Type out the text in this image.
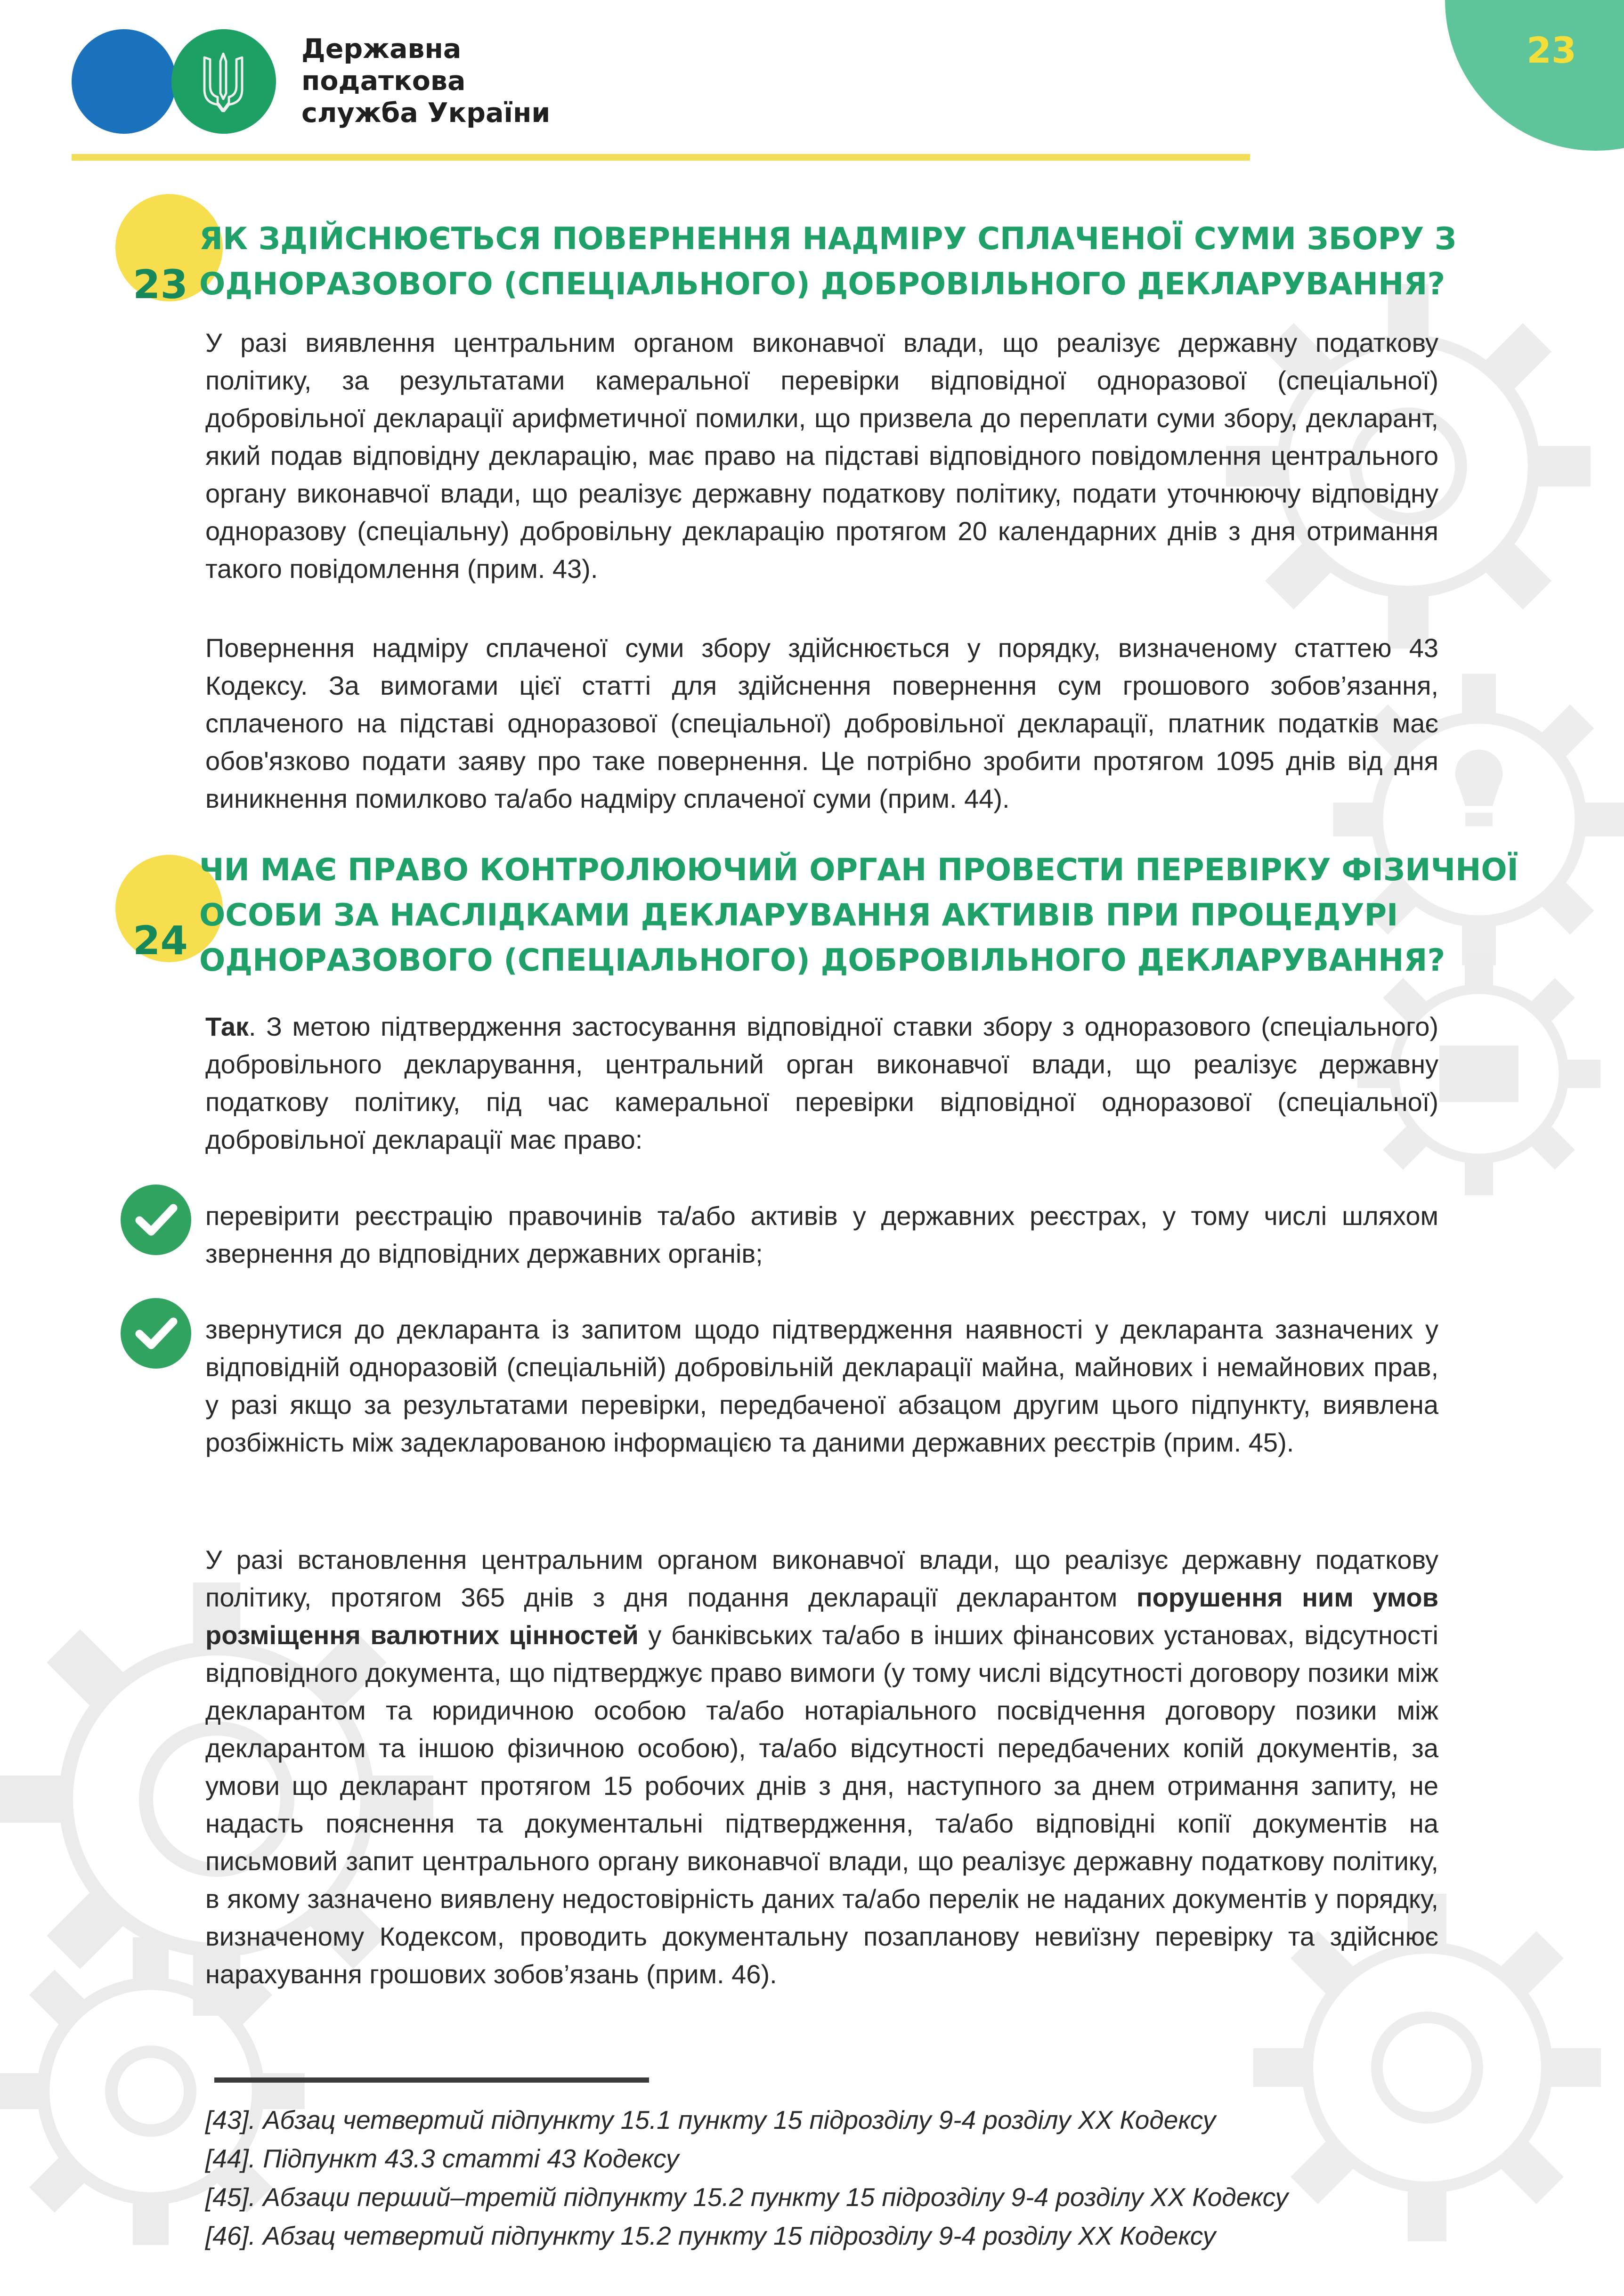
Державна
податкова
служба України
23
23
ЯК ЗДІЙСНЮЄТЬСЯ ПОВЕРНЕННЯ НАДМІРУ СПЛАЧЕНОЇ СУМИ ЗБОРУ З
ОДНОРАЗОВОГО (СПЕЦІАЛЬНОГО) ДОБРОВІЛЬНОГО ДЕКЛАРУВАННЯ?
У разі виявлення центральним органом виконавчої влади, що реалізує державну податкову політику, за результатами камеральної перевірки відповідної одноразової (спеціальної) добровільної декларації арифметичної помилки, що призвела до переплати суми збору, декларант, який подав відповідну декларацію, має право на підставі відповідного повідомлення центрального органу виконавчої влади, що реалізує державну податкову політику, подати уточнюючу відповідну одноразову (спеціальну) добровільну декларацію протягом 20 календарних днів з дня отримання такого повідомлення (прим. 43).
Повернення надміру сплаченої суми збору здійснюється у порядку, визначеному статтею 43 Кодексу. За вимогами цієї статті для здійснення повернення сум грошового зобов’язання, сплаченого на підставі одноразової (спеціальної) добровільної декларації, платник податків має обов'язково подати заяву про таке повернення. Це потрібно зробити протягом 1095 днів від дня виникнення помилково та/або надміру сплаченої суми (прим. 44).
24
ЧИ МАЄ ПРАВО КОНТРОЛЮЮЧИЙ ОРГАН ПРОВЕСТИ ПЕРЕВІРКУ ФІЗИЧНОЇ
ОСОБИ ЗА НАСЛІДКАМИ ДЕКЛАРУВАННЯ АКТИВІВ ПРИ ПРОЦЕДУРІ
ОДНОРАЗОВОГО (СПЕЦІАЛЬНОГО) ДОБРОВІЛЬНОГО ДЕКЛАРУВАННЯ?
Так. З метою підтвердження застосування відповідної ставки збору з одноразового (спеціального) добровільного декларування, центральний орган виконавчої влади, що реалізує державну податкову політику, під час камеральної перевірки відповідної одноразової (спеціальної) добровільної декларації має право:
перевірити реєстрацію правочинів та/або активів у державних реєстрах, у тому числі шляхом звернення до відповідних державних органів;
звернутися до декларанта із запитом щодо підтвердження наявності у декларанта зазначених у відповідній одноразовій (спеціальній) добровільній декларації майна, майнових і немайнових прав, у разі якщо за результатами перевірки, передбаченої абзацом другим цього підпункту, виявлена розбіжність між задекларованою інформацією та даними державних реєстрів (прим. 45).
У разі встановлення центральним органом виконавчої влади, що реалізує державну податкову політику, протягом 365 днів з дня подання декларації декларантом порушення ним умов розміщення валютних цінностей у банківських та/або в інших фінансових установах, відсутності відповідного документа, що підтверджує право вимоги (у тому числі відсутності договору позики між декларантом та юридичною особою та/або нотаріального посвідчення договору позики між декларантом та іншою фізичною особою), та/або відсутності передбачених копій документів, за умови що декларант протягом 15 робочих днів з дня, наступного за днем отримання запиту, не надасть пояснення та документальні підтвердження, та/або відповідні копії документів на письмовий запит центрального органу виконавчої влади, що реалізує державну податкову політику, в якому зазначено виявлену недостовірність даних та/або перелік не наданих документів у порядку, визначеному Кодексом, проводить документальну позапланову невиїзну перевірку та здійснює нарахування грошових зобов’язань (прим. 46).
[43]. Абзац четвертий підпункту 15.1 пункту 15 підрозділу 9-4 розділу XX Кодексу
[44]. Підпункт 43.3 статті 43 Кодексу
[45]. Абзаци перший–третій підпункту 15.2 пункту 15 підрозділу 9-4 розділу XX Кодексу
[46]. Абзац четвертий підпункту 15.2 пункту 15 підрозділу 9-4 розділу XX Кодексу
